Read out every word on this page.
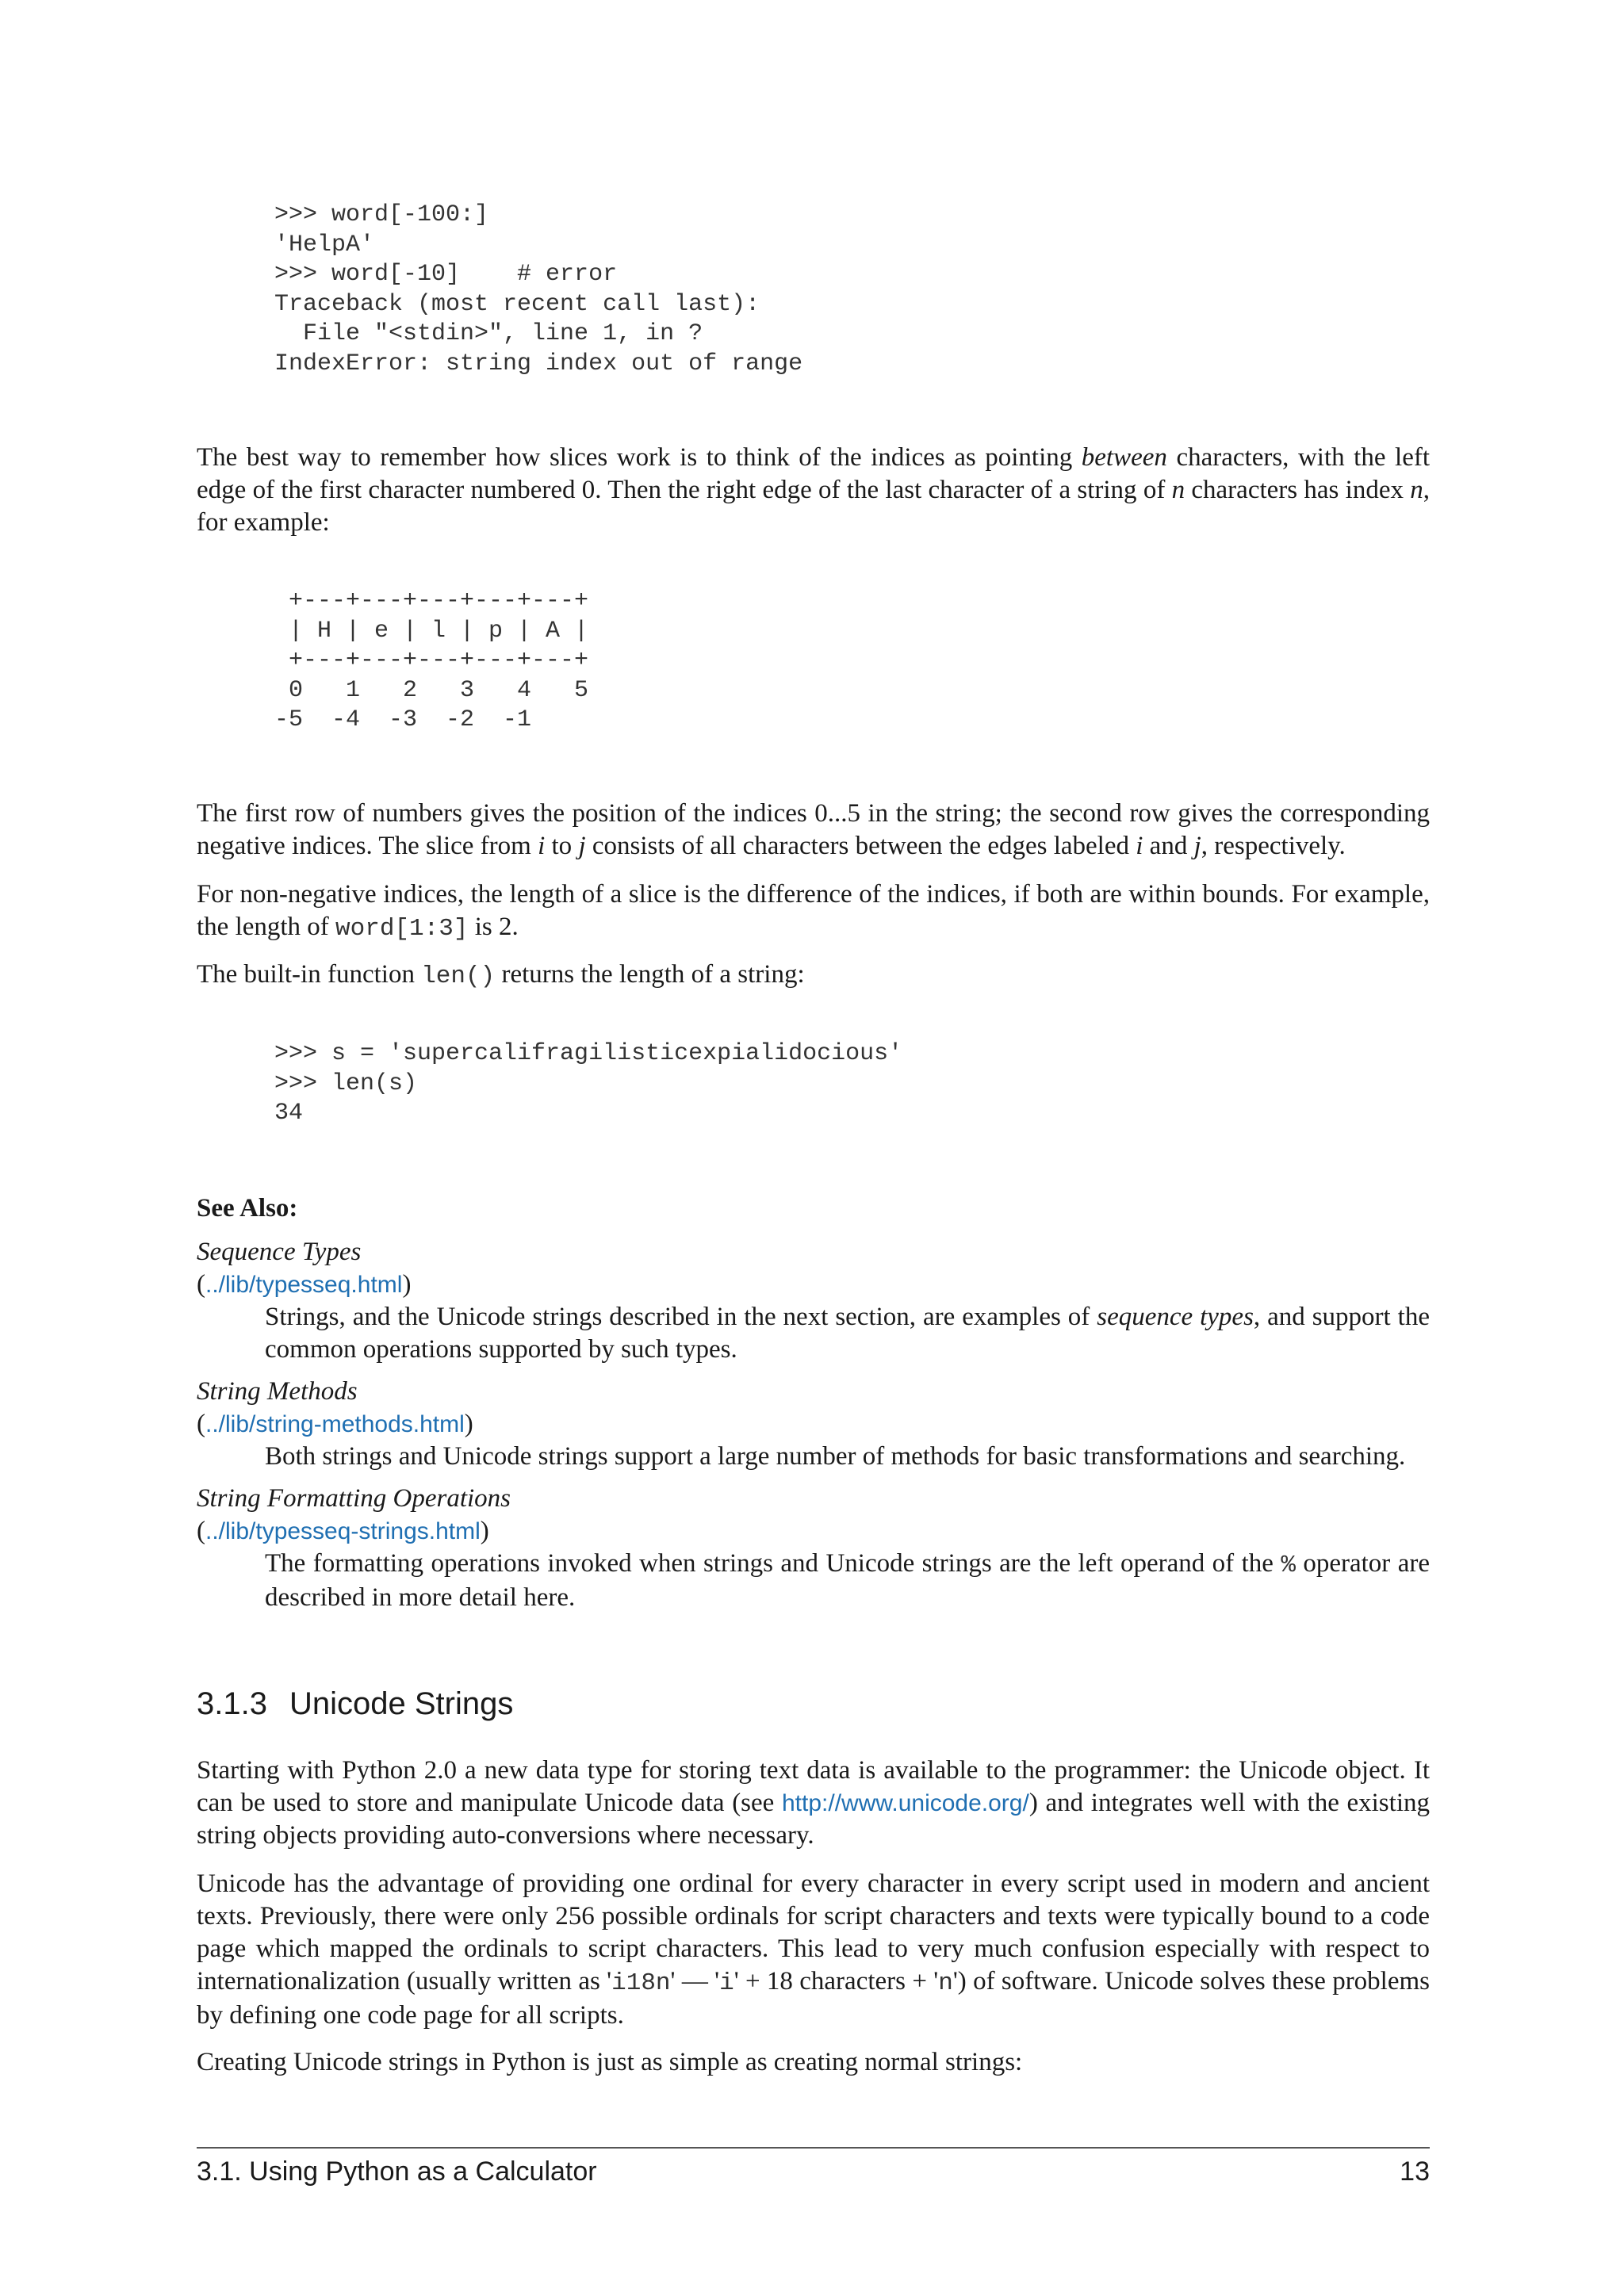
>>> word[-100:]
'HelpA'
>>> word[-10]    # error
Traceback (most recent call last):
File "<stdin>", line 1, in ?
IndexError: string index out of range

The best way to remember how slices work is to think of the indices as pointing between characters, with the left edge of the first character numbered 0. Then the right edge of the last character of a string of n characters has index n, for example:

+---+---+---+---+---+
| H | e | l | p | A |
+---+---+---+---+---+
0   1   2   3   4   5
-5  -4  -3  -2  -1

The first row of numbers gives the position of the indices 0...5 in the string; the second row gives the corresponding negative indices. The slice from i to j consists of all characters between the edges labeled i and j, respectively.

For non-negative indices, the length of a slice is the difference of the indices, if both are within bounds. For example, the length of word[1:3] is 2.

The built-in function len() returns the length of a string:

>>> s = 'supercalifragilisticexpialidocious'
>>> len(s)
34

See Also:

Sequence Types

(../lib/typesseq.html)

Strings, and the Unicode strings described in the next section, are examples of sequence types, and support the common operations supported by such types.

String Methods

(../lib/string-methods.html)

Both strings and Unicode strings support a large number of methods for basic transformations and searching.

String Formatting Operations

(../lib/typesseq-strings.html)

The formatting operations invoked when strings and Unicode strings are the left operand of the % operator are described in more detail here.

3.1.3 Unicode Strings

Starting with Python 2.0 a new data type for storing text data is available to the programmer: the Unicode object. It can be used to store and manipulate Unicode data (see http://www.unicode.org/) and integrates well with the existing string objects providing auto-conversions where necessary.

Unicode has the advantage of providing one ordinal for every character in every script used in modern and ancient texts. Previously, there were only 256 possible ordinals for script characters and texts were typically bound to a code page which mapped the ordinals to script characters. This lead to very much confusion especially with respect to internationalization (usually written as 'i18n' — 'i' + 18 characters + 'n') of software. Unicode solves these problems by defining one code page for all scripts.

Creating Unicode strings in Python is just as simple as creating normal strings:

3.1. Using Python as a Calculator	13
